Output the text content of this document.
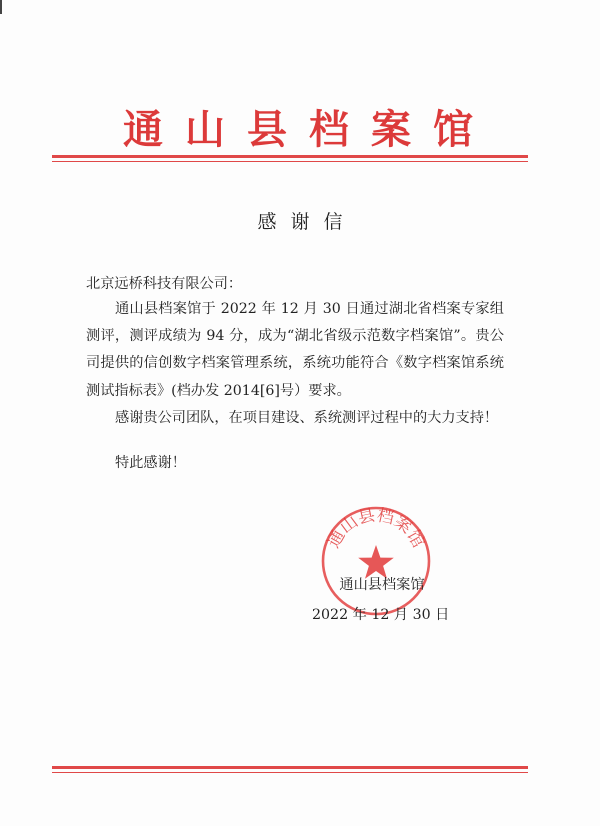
通山县档案馆
感谢信
北京远桥科技有限公司：

通山县档案馆于 2022 年 12 月 30 日通过湖北省档案专家组测评，测评成绩为 94 分，成为“湖北省级示范数字档案馆”。贵公司提供的信创数字档案管理系统，系统功能符合《数字档案馆系统测试指标表》(档办发 2014[6]号）要求。

感谢贵公司团队，在项目建设、系统测评过程中的大力支持！

特此感谢！
通山县档案馆
通山县档案馆
2022 年 12 月 30 日
